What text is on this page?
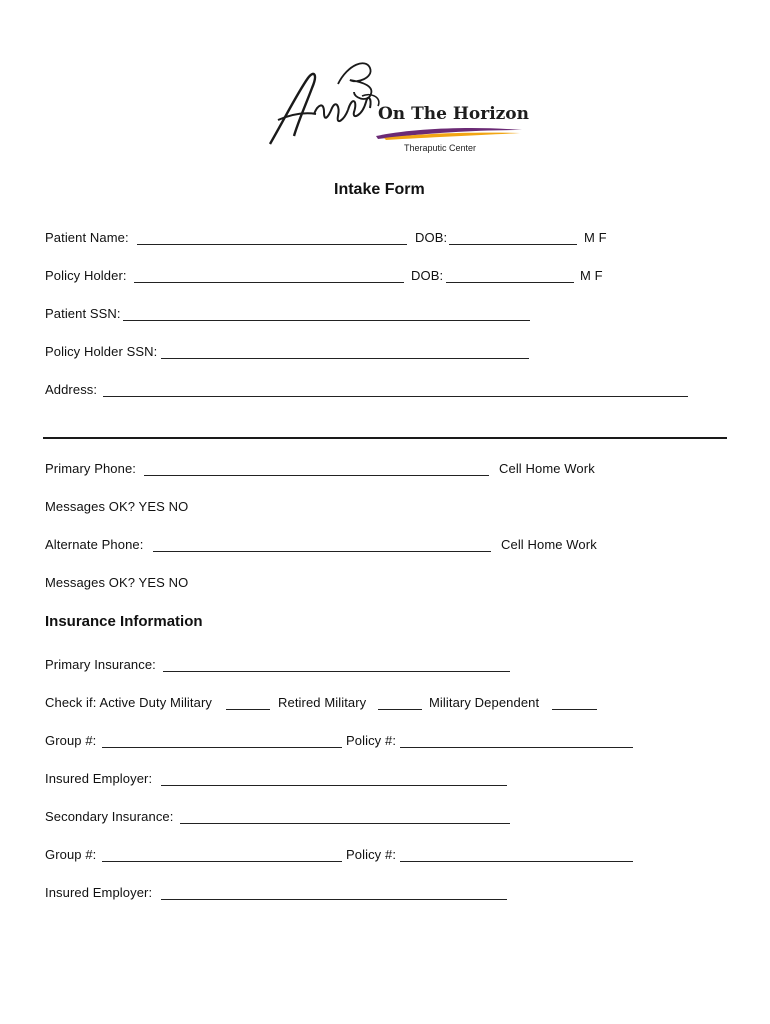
On The Horizon
Theraputic Center
Intake Form
Patient Name:	DOB:	M F
Policy Holder:	DOB:	M F
Patient SSN:
Policy Holder SSN:
Address:
Primary Phone:	Cell Home Work
Messages OK? YES NO
Alternate Phone:	Cell Home Work
Messages OK? YES NO
Insurance Information
Primary Insurance:
Check if: Active Duty Military	Retired Military	Military Dependent
Group #:	Policy #:
Insured Employer:
Secondary Insurance:
Group #:	Policy #:
Insured Employer:
